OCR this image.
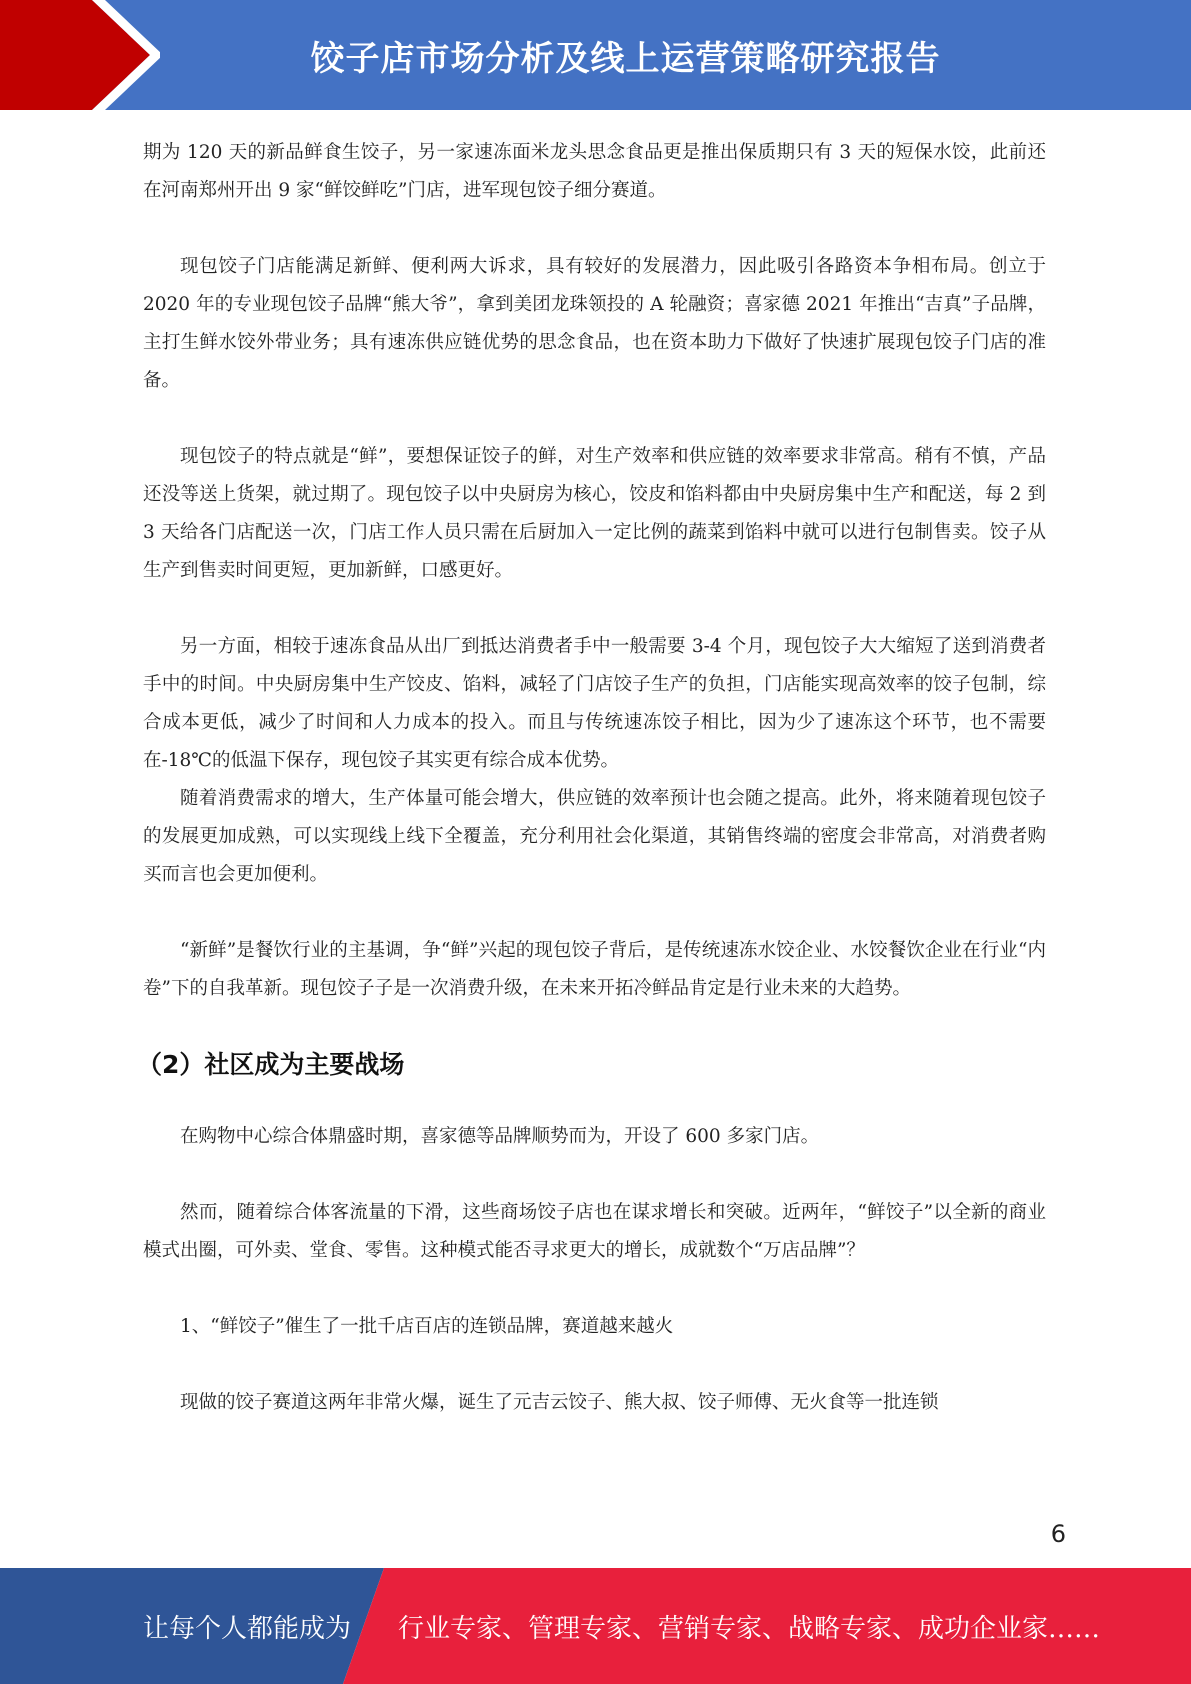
饺子店市场分析及线上运营策略研究报告

期为 120 天的新品鲜食生饺子，另一家速冻面米龙头思念食品更是推出保质期只有 3 天的短保水饺，此前还在河南郑州开出 9 家“鲜饺鲜吃”门店，进军现包饺子细分赛道。

现包饺子门店能满足新鲜、便利两大诉求，具有较好的发展潜力，因此吸引各路资本争相布局。创立于 2020 年的专业现包饺子品牌“熊大爷”，拿到美团龙珠领投的 A 轮融资；喜家德 2021 年推出“吉真”子品牌，主打生鲜水饺外带业务；具有速冻供应链优势的思念食品，也在资本助力下做好了快速扩展现包饺子门店的准备。

现包饺子的特点就是“鲜”，要想保证饺子的鲜，对生产效率和供应链的效率要求非常高。稍有不慎，产品还没等送上货架，就过期了。现包饺子以中央厨房为核心，饺皮和馅料都由中央厨房集中生产和配送，每 2 到 3 天给各门店配送一次，门店工作人员只需在后厨加入一定比例的蔬菜到馅料中就可以进行包制售卖。饺子从生产到售卖时间更短，更加新鲜，口感更好。

另一方面，相较于速冻食品从出厂到抵达消费者手中一般需要 3-4 个月，现包饺子大大缩短了送到消费者手中的时间。中央厨房集中生产饺皮、馅料，减轻了门店饺子生产的负担，门店能实现高效率的饺子包制，综合成本更低，减少了时间和人力成本的投入。而且与传统速冻饺子相比，因为少了速冻这个环节，也不需要在-18℃的低温下保存，现包饺子其实更有综合成本优势。

随着消费需求的增大，生产体量可能会增大，供应链的效率预计也会随之提高。此外，将来随着现包饺子的发展更加成熟，可以实现线上线下全覆盖，充分利用社会化渠道，其销售终端的密度会非常高，对消费者购买而言也会更加便利。

“新鲜”是餐饮行业的主基调，争“鲜”兴起的现包饺子背后，是传统速冻水饺企业、水饺餐饮企业在行业“内卷”下的自我革新。现包饺子子是一次消费升级，在未来开拓冷鲜品肯定是行业未来的大趋势。

（2）社区成为主要战场

在购物中心综合体鼎盛时期，喜家德等品牌顺势而为，开设了 600 多家门店。

然而，随着综合体客流量的下滑，这些商场饺子店也在谋求增长和突破。近两年，“鲜饺子”以全新的商业模式出圈，可外卖、堂食、零售。这种模式能否寻求更大的增长，成就数个“万店品牌”？

1、“鲜饺子”催生了一批千店百店的连锁品牌，赛道越来越火

现做的饺子赛道这两年非常火爆，诞生了元吉云饺子、熊大叔、饺子师傅、无火食等一批连锁

6
让每个人都能成为 行业专家、管理专家、营销专家、战略专家、成功企业家……
